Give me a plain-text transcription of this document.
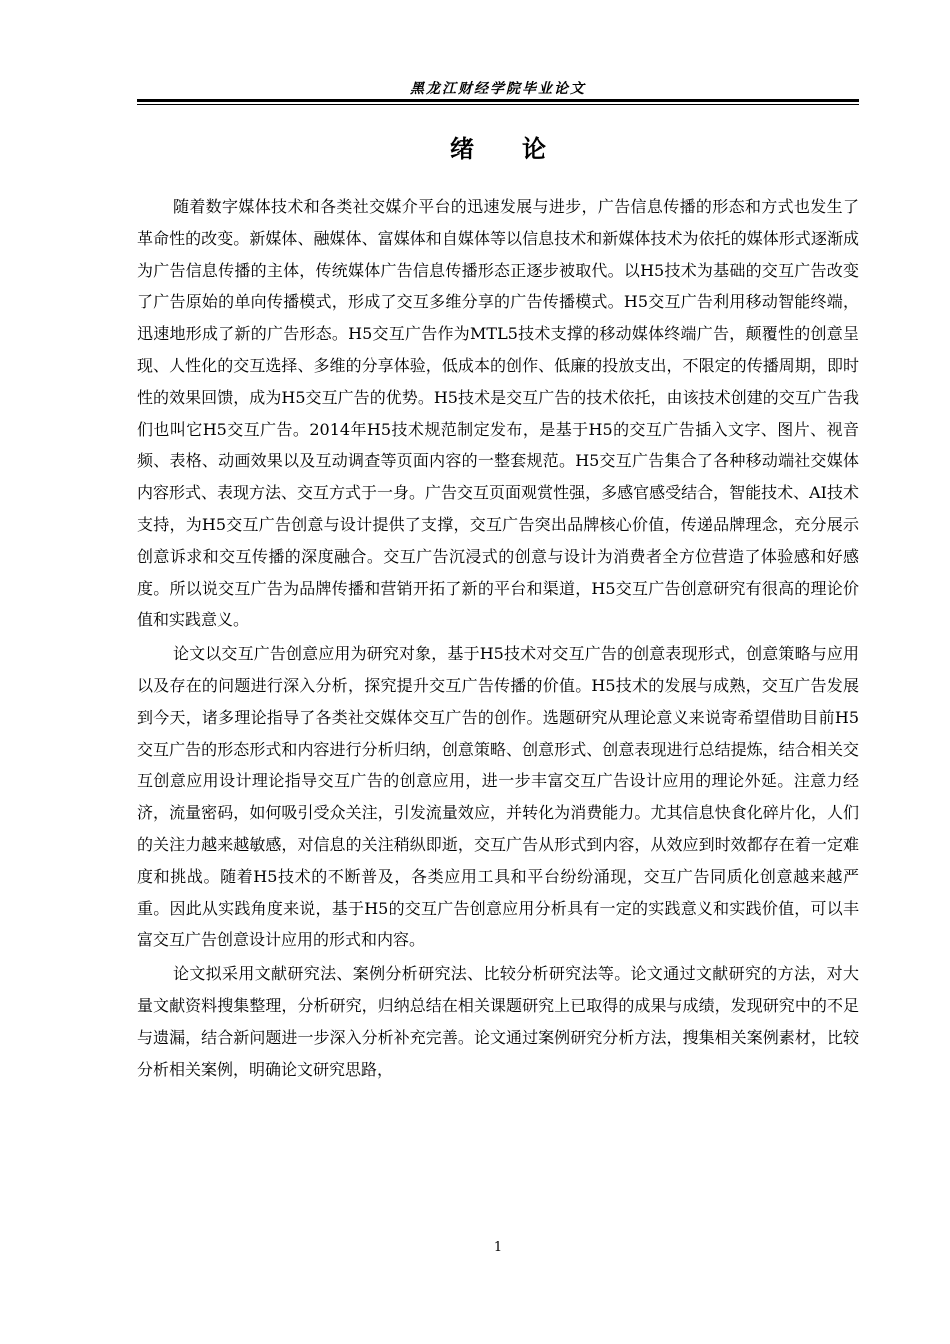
黑龙江财经学院毕业论文
绪论

随着数字媒体技术和各类社交媒介平台的迅速发展与进步，广告信息传播的形态和方式也发生了革命性的改变。新媒体、融媒体、富媒体和自媒体等以信息技术和新媒体技术为依托的媒体形式逐渐成为广告信息传播的主体，传统媒体广告信息传播形态正逐步被取代。以H5技术为基础的交互广告改变了广告原始的单向传播模式，形成了交互多维分享的广告传播模式。H5交互广告利用移动智能终端，迅速地形成了新的广告形态。H5交互广告作为MTL5技术支撑的移动媒体终端广告，颠覆性的创意呈现、人性化的交互选择、多维的分享体验，低成本的创作、低廉的投放支出，不限定的传播周期，即时性的效果回馈，成为H5交互广告的优势。H5技术是交互广告的技术依托，由该技术创建的交互广告我们也叫它H5交互广告。2014年H5技术规范制定发布，是基于H5的交互广告插入文字、图片、视音频、表格、动画效果以及互动调查等页面内容的一整套规范。H5交互广告集合了各种移动端社交媒体内容形式、表现方法、交互方式于一身。广告交互页面观赏性强，多感官感受结合，智能技术、AI技术支持，为H5交互广告创意与设计提供了支撑，交互广告突出品牌核心价值，传递品牌理念，充分展示创意诉求和交互传播的深度融合。交互广告沉浸式的创意与设计为消费者全方位营造了体验感和好感度。所以说交互广告为品牌传播和营销开拓了新的平台和渠道，H5交互广告创意研究有很高的理论价值和实践意义。

论文以交互广告创意应用为研究对象，基于H5技术对交互广告的创意表现形式，创意策略与应用以及存在的问题进行深入分析，探究提升交互广告传播的价值。H5技术的发展与成熟，交互广告发展到今天，诸多理论指导了各类社交媒体交互广告的创作。选题研究从理论意义来说寄希望借助目前H5交互广告的形态形式和内容进行分析归纳，创意策略、创意形式、创意表现进行总结提炼，结合相关交互创意应用设计理论指导交互广告的创意应用，进一步丰富交互广告设计应用的理论外延。注意力经济，流量密码，如何吸引受众关注，引发流量效应，并转化为消费能力。尤其信息快食化碎片化，人们的关注力越来越敏感，对信息的关注稍纵即逝，交互广告从形式到内容，从效应到时效都存在着一定难度和挑战。随着H5技术的不断普及，各类应用工具和平台纷纷涌现，交互广告同质化创意越来越严重。因此从实践角度来说，基于H5的交互广告创意应用分析具有一定的实践意义和实践价值，可以丰富交互广告创意设计应用的形式和内容。

论文拟采用文献研究法、案例分析研究法、比较分析研究法等。论文通过文献研究的方法，对大量文献资料搜集整理，分析研究，归纳总结在相关课题研究上已取得的成果与成绩，发现研究中的不足与遗漏，结合新问题进一步深入分析补充完善。论文通过案例研究分析方法，搜集相关案例素材，比较分析相关案例，明确论文研究思路，

1
